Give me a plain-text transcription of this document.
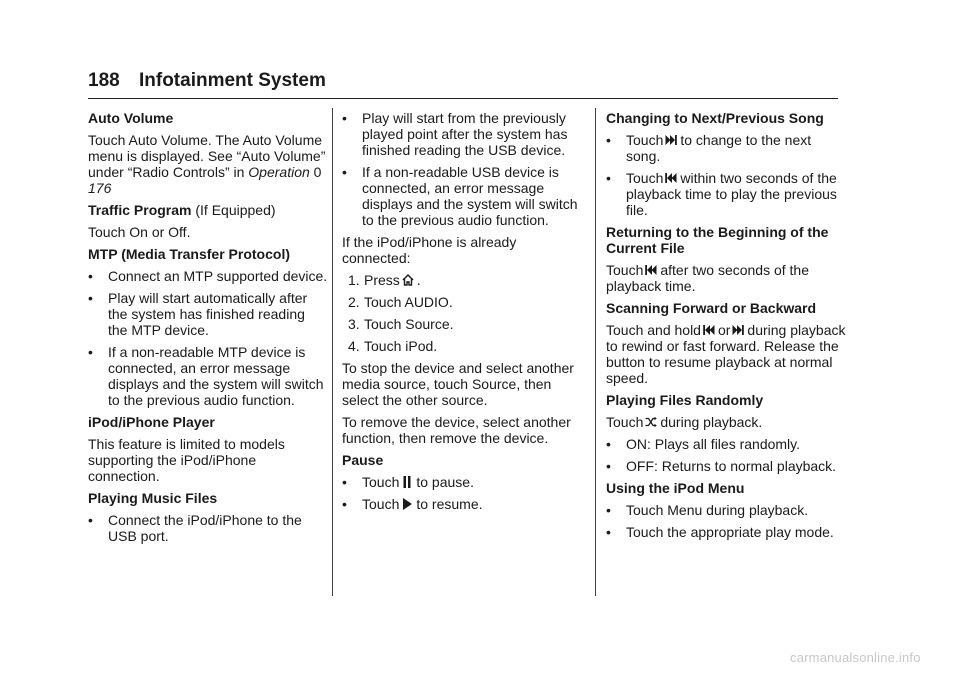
188 Infotainment System
Auto Volume
Touch Auto Volume. The Auto Volume menu is displayed. See “Auto Volume” under “Radio Controls” in Operation 0 176
Traffic Program (If Equipped)
Touch On or Off.
MTP (Media Transfer Protocol)
• Connect an MTP supported device.
• Play will start automatically after the system has finished reading the MTP device.
• If a non-readable MTP device is connected, an error message displays and the system will switch to the previous audio function.
iPod/iPhone Player
This feature is limited to models supporting the iPod/iPhone connection.
Playing Music Files
• Connect the iPod/iPhone to the USB port.
• Play will start from the previously played point after the system has finished reading the USB device.
• If a non-readable USB device is connected, an error message displays and the system will switch to the previous audio function.
If the iPod/iPhone is already connected:
1. Press .
2. Touch AUDIO.
3. Touch Source.
4. Touch iPod.
To stop the device and select another media source, touch Source, then select the other source.
To remove the device, select another function, then remove the device.
Pause
• Touch to pause.
• Touch to resume.
Changing to Next/Previous Song
• Touch to change to the next song.
• Touch within two seconds of the playback time to play the previous file.
Returning to the Beginning of the Current File
Touch after two seconds of the playback time.
Scanning Forward or Backward
Touch and hold or during playback to rewind or fast forward. Release the button to resume playback at normal speed.
Playing Files Randomly
Touch during playback.
• ON: Plays all files randomly.
• OFF: Returns to normal playback.
Using the iPod Menu
• Touch Menu during playback.
• Touch the appropriate play mode.
carmanualsonline.info
